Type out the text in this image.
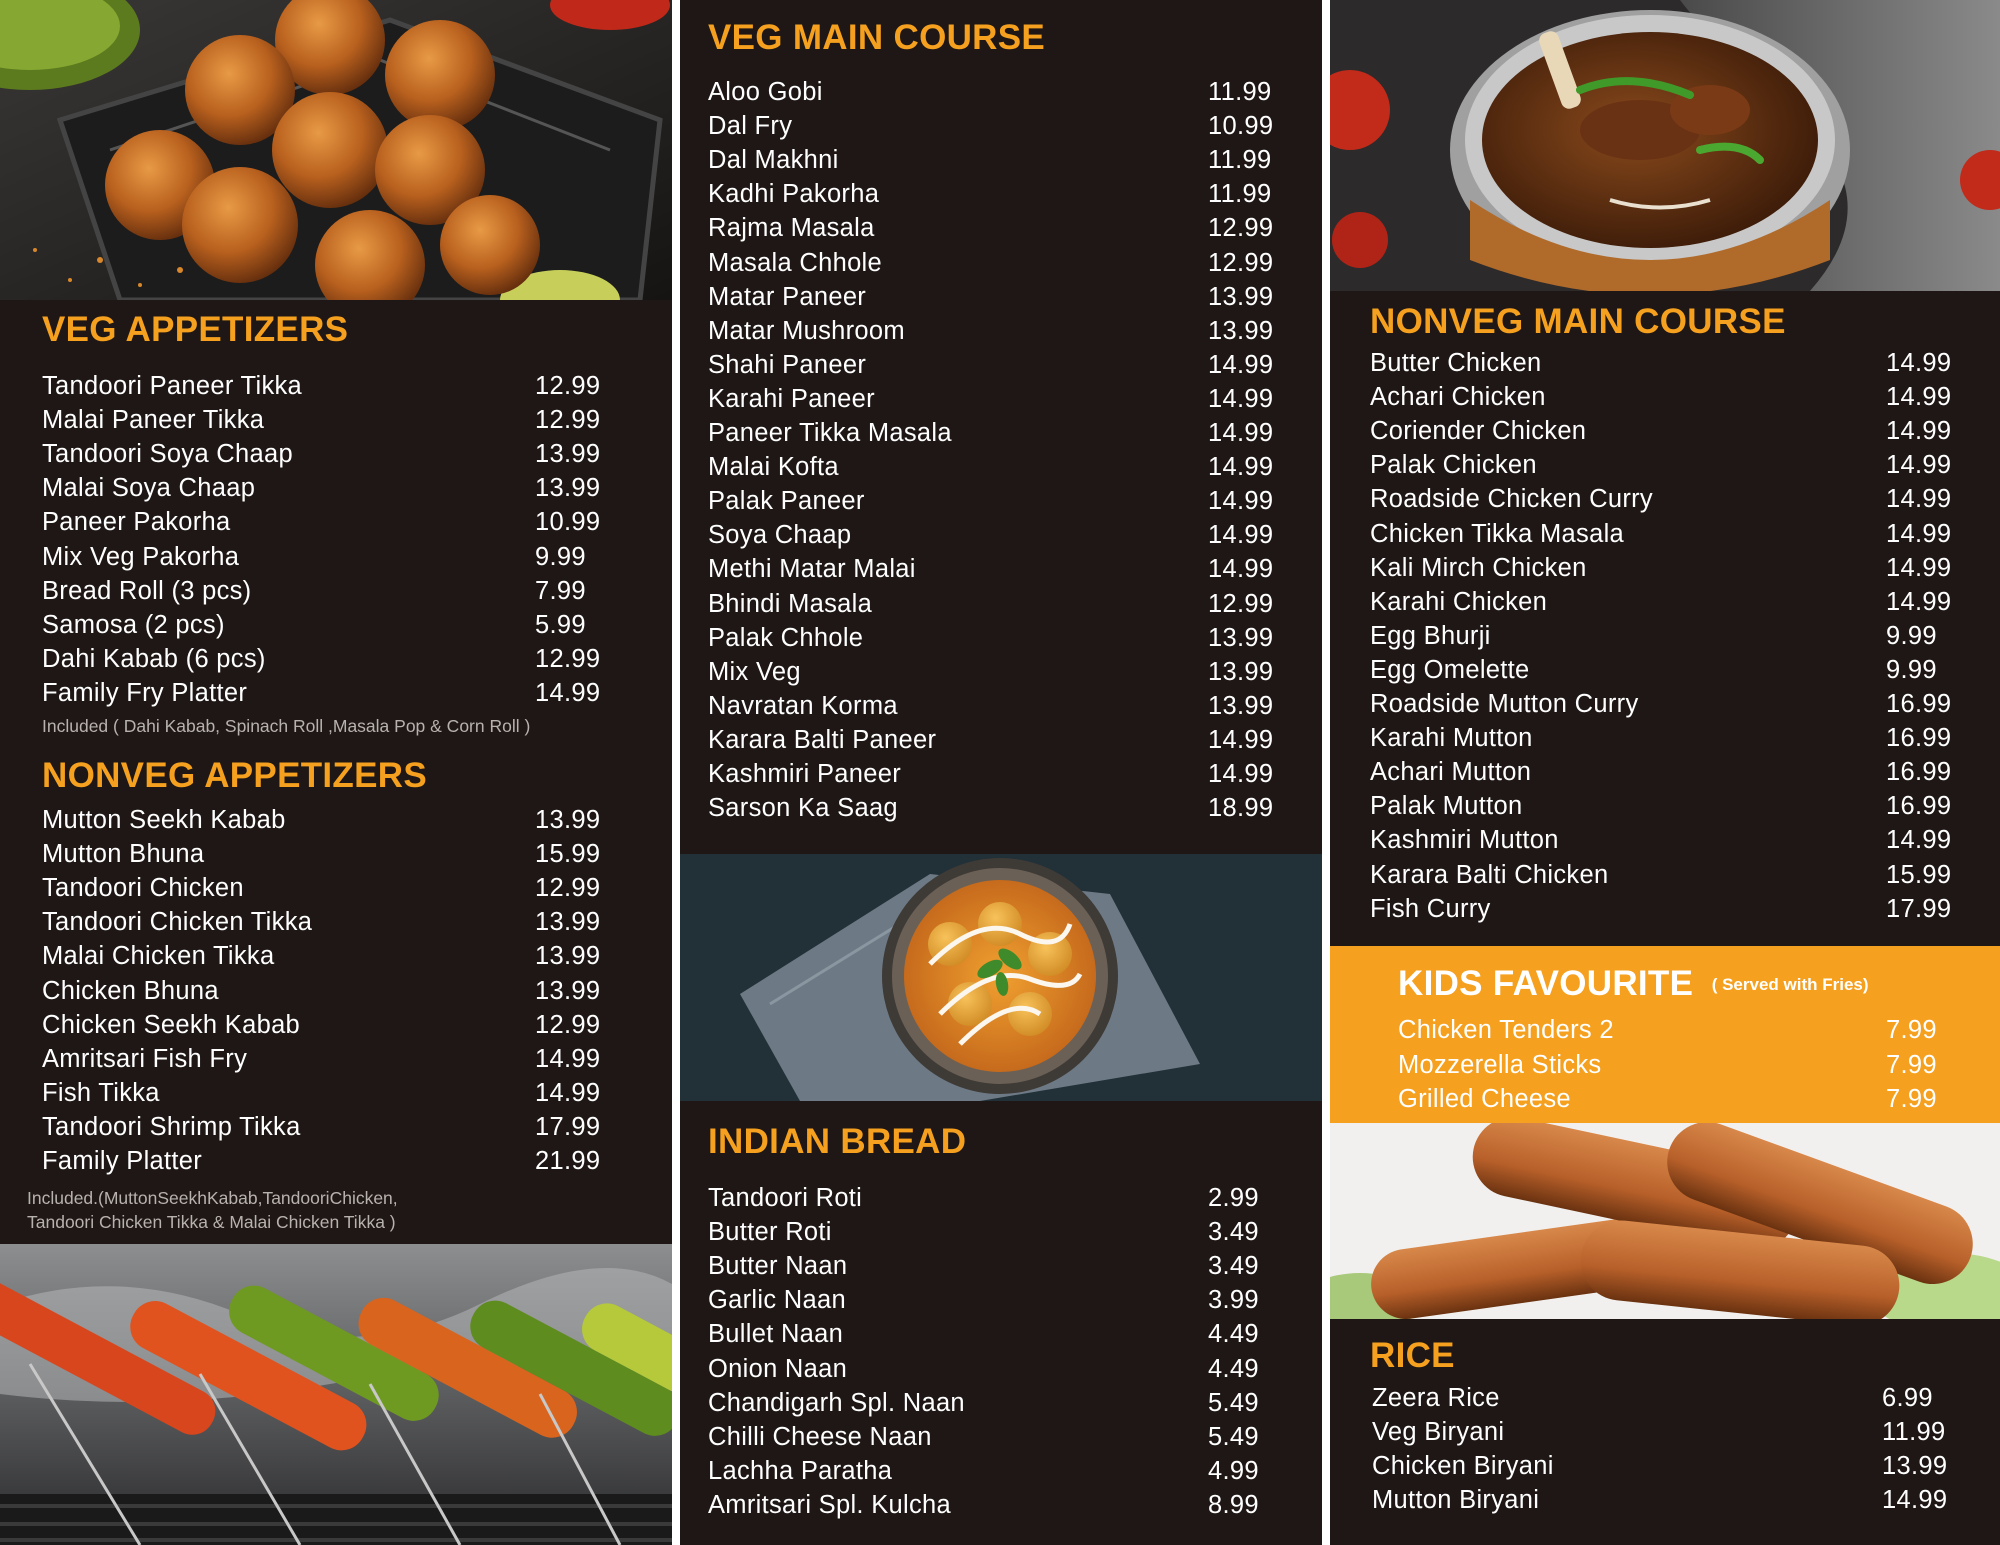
VEG APPETIZERS
Tandoori Paneer Tikka	12.99
Malai Paneer Tikka	12.99
Tandoori Soya Chaap	13.99
Malai Soya Chaap	13.99
Paneer Pakorha	10.99
Mix Veg Pakorha	9.99
Bread Roll (3 pcs)	7.99
Samosa (2 pcs)	5.99
Dahi Kabab (6 pcs)	12.99
Family Fry Platter	14.99
Included ( Dahi Kabab, Spinach Roll ,Masala Pop & Corn Roll )
NONVEG APPETIZERS
Mutton Seekh Kabab	13.99
Mutton Bhuna	15.99
Tandoori Chicken	12.99
Tandoori Chicken Tikka	13.99
Malai Chicken Tikka	13.99
Chicken Bhuna	13.99
Chicken Seekh Kabab	12.99
Amritsari Fish Fry	14.99
Fish Tikka	14.99
Tandoori Shrimp Tikka	17.99
Family Platter	21.99
Included.(MuttonSeekhKabab,TandooriChicken,
Tandoori Chicken Tikka & Malai Chicken Tikka )
VEG MAIN COURSE
Aloo Gobi	11.99
Dal Fry	10.99
Dal Makhni	11.99
Kadhi Pakorha	11.99
Rajma Masala	12.99
Masala Chhole	12.99
Matar Paneer	13.99
Matar Mushroom	13.99
Shahi Paneer	14.99
Karahi Paneer	14.99
Paneer Tikka Masala	14.99
Malai Kofta	14.99
Palak Paneer	14.99
Soya Chaap	14.99
Methi Matar Malai	14.99
Bhindi Masala	12.99
Palak Chhole	13.99
Mix Veg	13.99
Navratan Korma	13.99
Karara Balti Paneer	14.99
Kashmiri Paneer	14.99
Sarson Ka Saag	18.99
INDIAN BREAD
Tandoori Roti	2.99
Butter Roti	3.49
Butter Naan	3.49
Garlic Naan	3.99
Bullet Naan	4.49
Onion Naan	4.49
Chandigarh Spl. Naan	5.49
Chilli Cheese Naan	5.49
Lachha Paratha	4.99
Amritsari Spl. Kulcha	8.99
NONVEG MAIN COURSE
Butter Chicken	14.99
Achari Chicken	14.99
Coriender Chicken	14.99
Palak Chicken	14.99
Roadside Chicken Curry	14.99
Chicken Tikka Masala	14.99
Kali Mirch Chicken	14.99
Karahi Chicken	14.99
Egg Bhurji	9.99
Egg Omelette	9.99
Roadside Mutton Curry	16.99
Karahi Mutton	16.99
Achari Mutton	16.99
Palak Mutton	16.99
Kashmiri Mutton	14.99
Karara Balti Chicken	15.99
Fish Curry	17.99
KIDS FAVOURITE ( Served with Fries)
Chicken Tenders 2	7.99
Mozzerella Sticks	7.99
Grilled Cheese	7.99
RICE
Zeera Rice	6.99
Veg Biryani	11.99
Chicken Biryani	13.99
Mutton Biryani	14.99
